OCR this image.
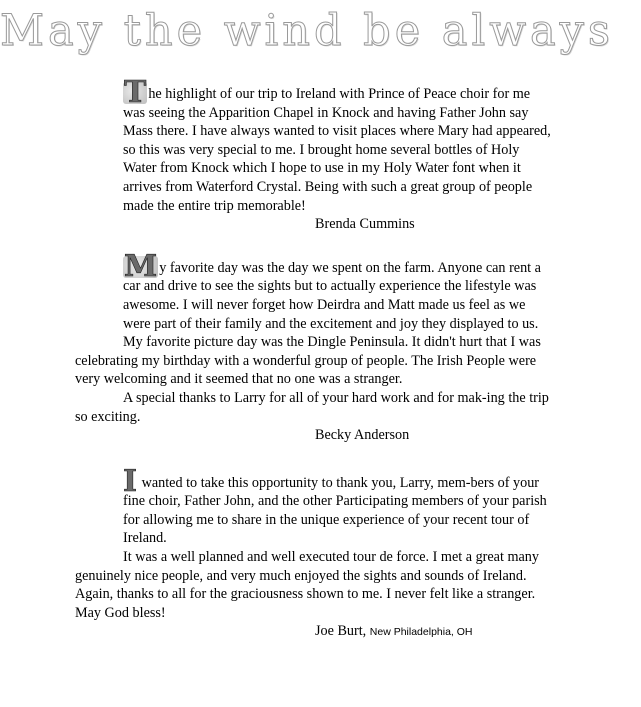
May the wind be always

T he highlight of our trip to Ireland with Prince of Peace choir for me was seeing the Apparition Chapel in Knock and having Father John say Mass there. I have always wanted to visit places where Mary had appeared, so this was very special to me. I brought home several bottles of Holy Water from Knock which I hope to use in my Holy Water font when it arrives from Waterford Crystal. Being with such a great group of people made the entire trip memorable!

Brenda Cummins

M y favorite day was the day we spent on the farm. Anyone can rent a car and drive to see the sights but to actually experience the lifestyle was awesome. I will never forget how Deirdra and Matt made us feel as we were part of their family and the excitement and joy they displayed to us.

My favorite picture day was the Dingle Peninsula. It didn't hurt that I was celebrating my birthday with a wonderful group of people. The Irish People were very welcoming and it seemed that no one was a stranger.

A special thanks to Larry for all of your hard work and for mak-ing the trip so exciting.

Becky Anderson

I wanted to take this opportunity to thank you, Larry, mem-bers of your fine choir, Father John, and the other Participating members of your parish for allowing me to share in the unique experience of your recent tour of Ireland.

It was a well planned and well executed tour de force. I met a great many genuinely nice people, and very much enjoyed the sights and sounds of Ireland. Again, thanks to all for the graciousness shown to me. I never felt like a stranger. May God bless!

Joe Burt, New Philadelphia, OH
